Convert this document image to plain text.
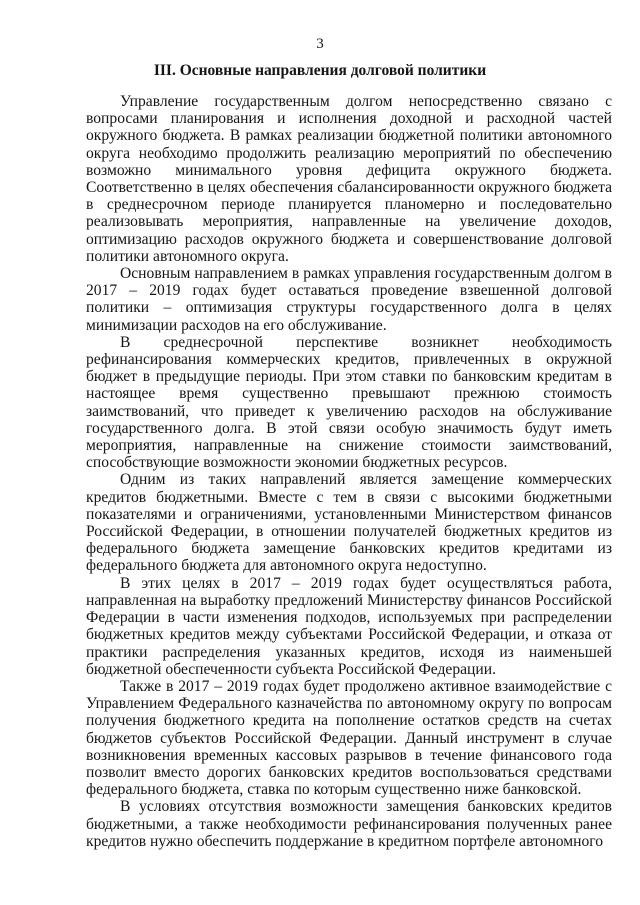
3
III. Основные направления долговой политики

Управление государственным долгом непосредственно связано с вопросами планирования и исполнения доходной и расходной частей окружного бюджета. В рамках реализации бюджетной политики автономного округа необходимо продолжить реализацию мероприятий по обеспечению возможно минимального уровня дефицита окружного бюджета. Соответственно в целях обеспечения сбалансированности окружного бюджета в среднесрочном периоде планируется планомерно и последовательно реализовывать мероприятия, направленные на увеличение доходов, оптимизацию расходов окружного бюджета и совершенствование долговой политики автономного округа.

Основным направлением в рамках управления государственным долгом в 2017 – 2019 годах будет оставаться проведение взвешенной долговой политики – оптимизация структуры государственного долга в целях минимизации расходов на его обслуживание.

В среднесрочной перспективе возникнет необходимость рефинансирования коммерческих кредитов, привлеченных в окружной бюджет в предыдущие периоды. При этом ставки по банковским кредитам в настоящее время существенно превышают прежнюю стоимость заимствований, что приведет к увеличению расходов на обслуживание государственного долга. В этой связи особую значимость будут иметь мероприятия, направленные на снижение стоимости заимствований, способствующие возможности экономии бюджетных ресурсов.

Одним из таких направлений является замещение коммерческих кредитов бюджетными. Вместе с тем в связи с высокими бюджетными показателями и ограничениями, установленными Министерством финансов Российской Федерации, в отношении получателей бюджетных кредитов из федерального бюджета замещение банковских кредитов кредитами из федерального бюджета для автономного округа недоступно.

В этих целях в 2017 – 2019 годах будет осуществляться работа, направленная на выработку предложений Министерству финансов Российской Федерации в части изменения подходов, используемых при распределении бюджетных кредитов между субъектами Российской Федерации, и отказа от практики распределения указанных кредитов, исходя из наименьшей бюджетной обеспеченности субъекта Российской Федерации.

Также в 2017 – 2019 годах будет продолжено активное взаимодействие с Управлением Федерального казначейства по автономному округу по вопросам получения бюджетного кредита на пополнение остатков средств на счетах бюджетов субъектов Российской Федерации. Данный инструмент в случае возникновения временных кассовых разрывов в течение финансового года позволит вместо дорогих банковских кредитов воспользоваться средствами федерального бюджета, ставка по которым существенно ниже банковской.

В условиях отсутствия возможности замещения банковских кредитов бюджетными, а также необходимости рефинансирования полученных ранее кредитов нужно обеспечить поддержание в кредитном портфеле автономного
